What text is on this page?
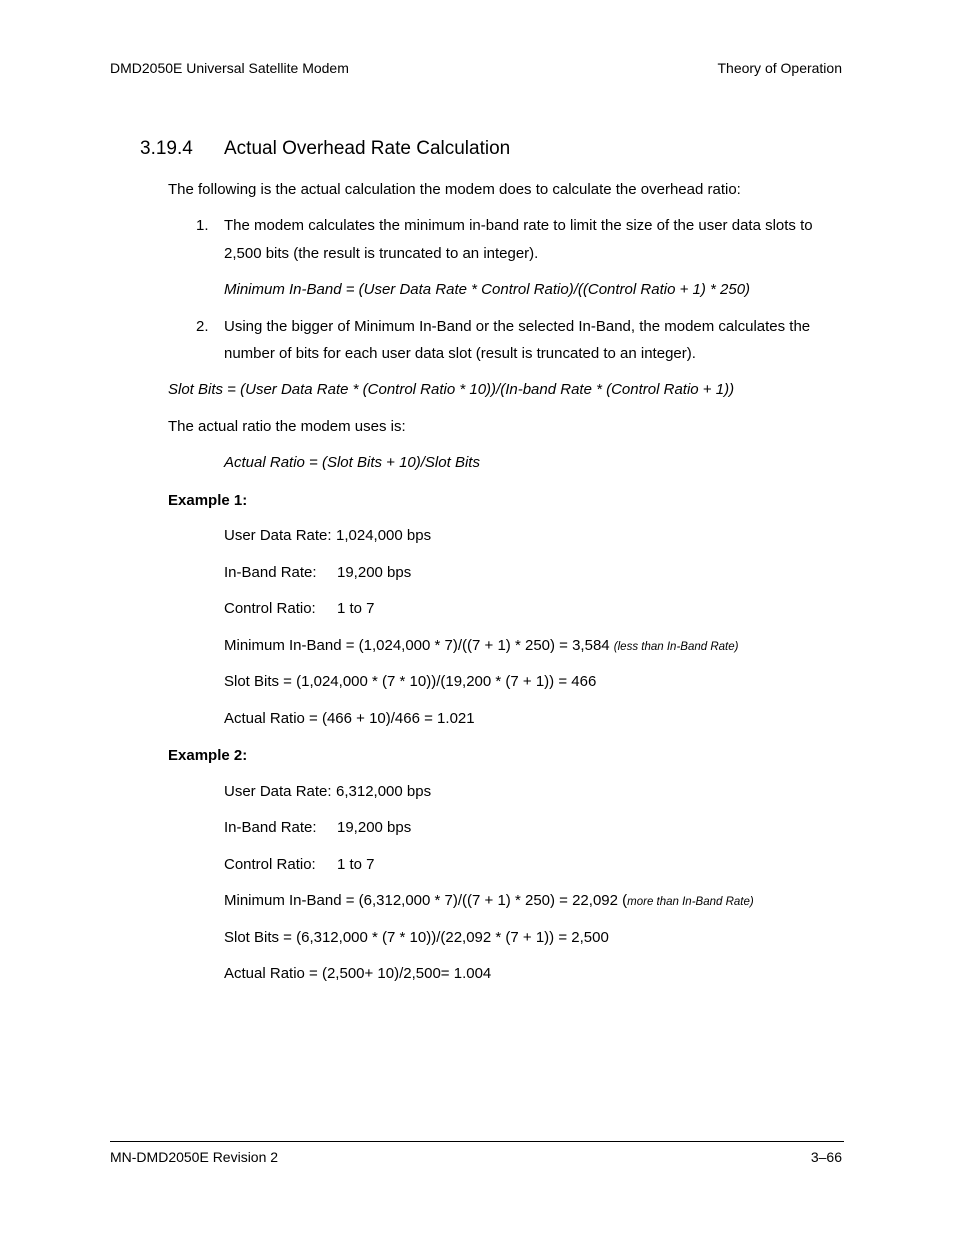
DMD2050E Universal Satellite Modem	Theory of Operation
3.19.4 Actual Overhead Rate Calculation
The following is the actual calculation the modem does to calculate the overhead ratio:
1. The modem calculates the minimum in-band rate to limit the size of the user data slots to
2,500 bits (the result is truncated to an integer).
Minimum In-Band = (User Data Rate * Control Ratio)/((Control Ratio + 1) * 250)
2. Using the bigger of Minimum In-Band or the selected In-Band, the modem calculates the
number of bits for each user data slot (result is truncated to an integer).
Slot Bits = (User Data Rate * (Control Ratio * 10))/(In-band Rate * (Control Ratio + 1))
The actual ratio the modem uses is:
Actual Ratio = (Slot Bits + 10)/Slot Bits
Example 1:
User Data Rate: 1,024,000 bps
In-Band Rate: 19,200 bps
Control Ratio: 1 to 7
Minimum In-Band = (1,024,000 * 7)/((7 + 1) * 250) = 3,584 (less than In-Band Rate)
Slot Bits = (1,024,000 * (7 * 10))/(19,200 * (7 + 1)) = 466
Actual Ratio = (466 + 10)/466 = 1.021
Example 2:
User Data Rate: 6,312,000 bps
In-Band Rate: 19,200 bps
Control Ratio: 1 to 7
Minimum In-Band = (6,312,000 * 7)/((7 + 1) * 250) = 22,092 (more than In-Band Rate)
Slot Bits = (6,312,000 * (7 * 10))/(22,092 * (7 + 1)) = 2,500
Actual Ratio = (2,500+ 10)/2,500= 1.004
MN-DMD2050E Revision 2	3–66
